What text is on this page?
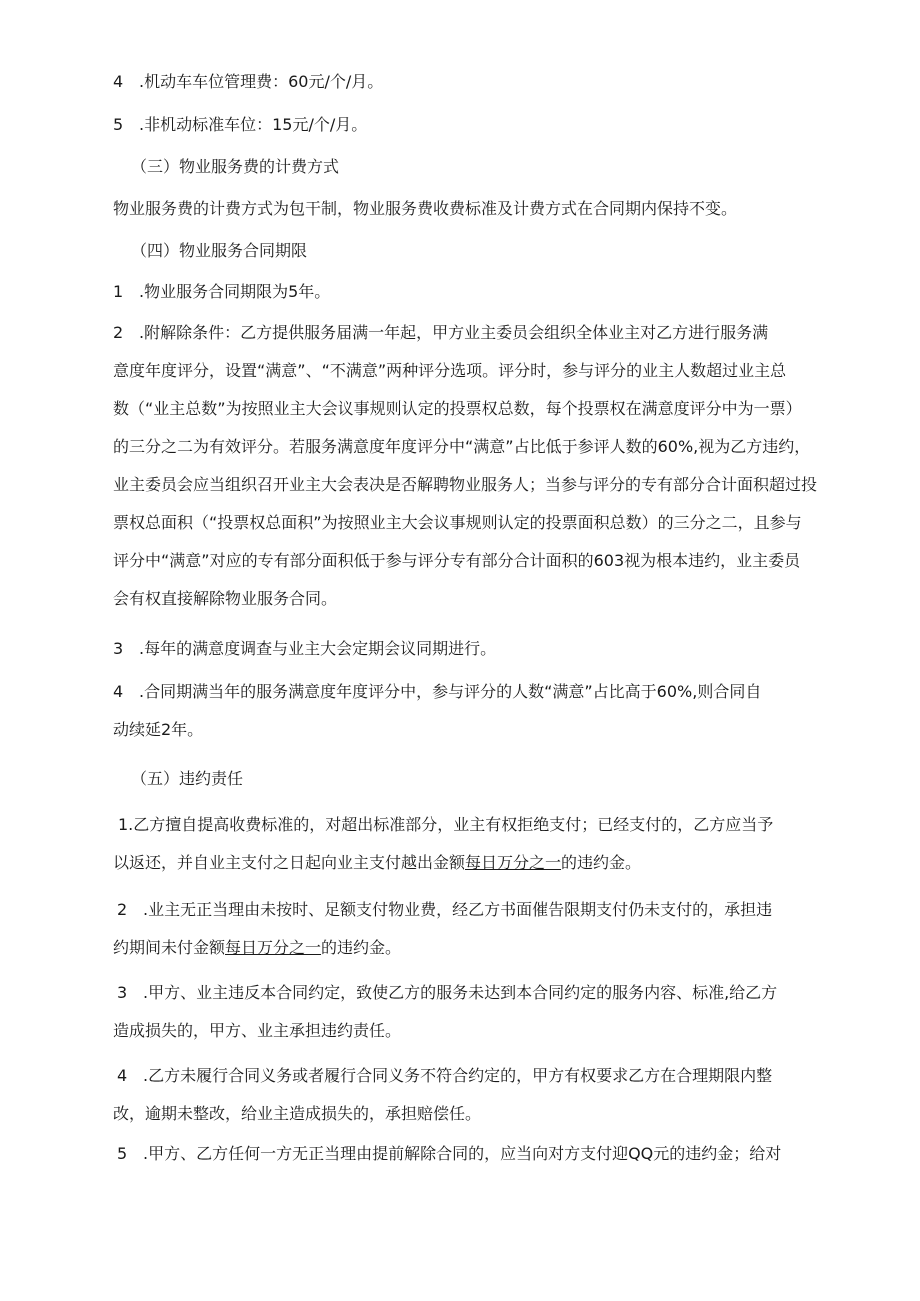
4 .机动车车位管理费：60元/个/月。

5 .非机动标准车位：15元/个/月。

（三）物业服务费的计费方式

物业服务费的计费方式为包干制，物业服务费收费标准及计费方式在合同期内保持不变。

（四）物业服务合同期限

1 .物业服务合同期限为5年。

2 .附解除条件：乙方提供服务届满一年起，甲方业主委员会组织全体业主对乙方进行服务满

意度年度评分，设置“满意”、“不满意”两种评分选项。评分时，参与评分的业主人数超过业主总

数（“业主总数”为按照业主大会议事规则认定的投票权总数，每个投票权在满意度评分中为一票）

的三分之二为有效评分。若服务满意度年度评分中“满意”占比低于参评人数的60%,视为乙方违约，

业主委员会应当组织召开业主大会表决是否解聘物业服务人；当参与评分的专有部分合计面积超过投

票权总面积（“投票权总面积”为按照业主大会议事规则认定的投票面积总数）的三分之二，且参与

评分中“满意”对应的专有部分面积低于参与评分专有部分合计面积的603视为根本违约，业主委员

会有权直接解除物业服务合同。

3 .每年的满意度调查与业主大会定期会议同期进行。

4 .合同期满当年的服务满意度年度评分中，参与评分的人数“满意”占比高于60%,则合同自

动续延2年。

（五）违约责任

1.乙方擅自提高收费标准的，对超出标准部分，业主有权拒绝支付；已经支付的，乙方应当予

以返还，并自业主支付之日起向业主支付越出金额每日万分之一的违约金。

2 .业主无正当理由未按时、足额支付物业费，经乙方书面催告限期支付仍未支付的，承担违

约期间未付金额每日万分之一的违约金。

3 .甲方、业主违反本合同约定，致使乙方的服务未达到本合同约定的服务内容、标准,给乙方

造成损失的，甲方、业主承担违约责任。

4 .乙方未履行合同义务或者履行合同义务不符合约定的，甲方有权要求乙方在合理期限内整

改，逾期未整改，给业主造成损失的，承担赔偿任。

5 .甲方、乙方任何一方无正当理由提前解除合同的，应当向对方支付迎QQ元的违约金；给对
